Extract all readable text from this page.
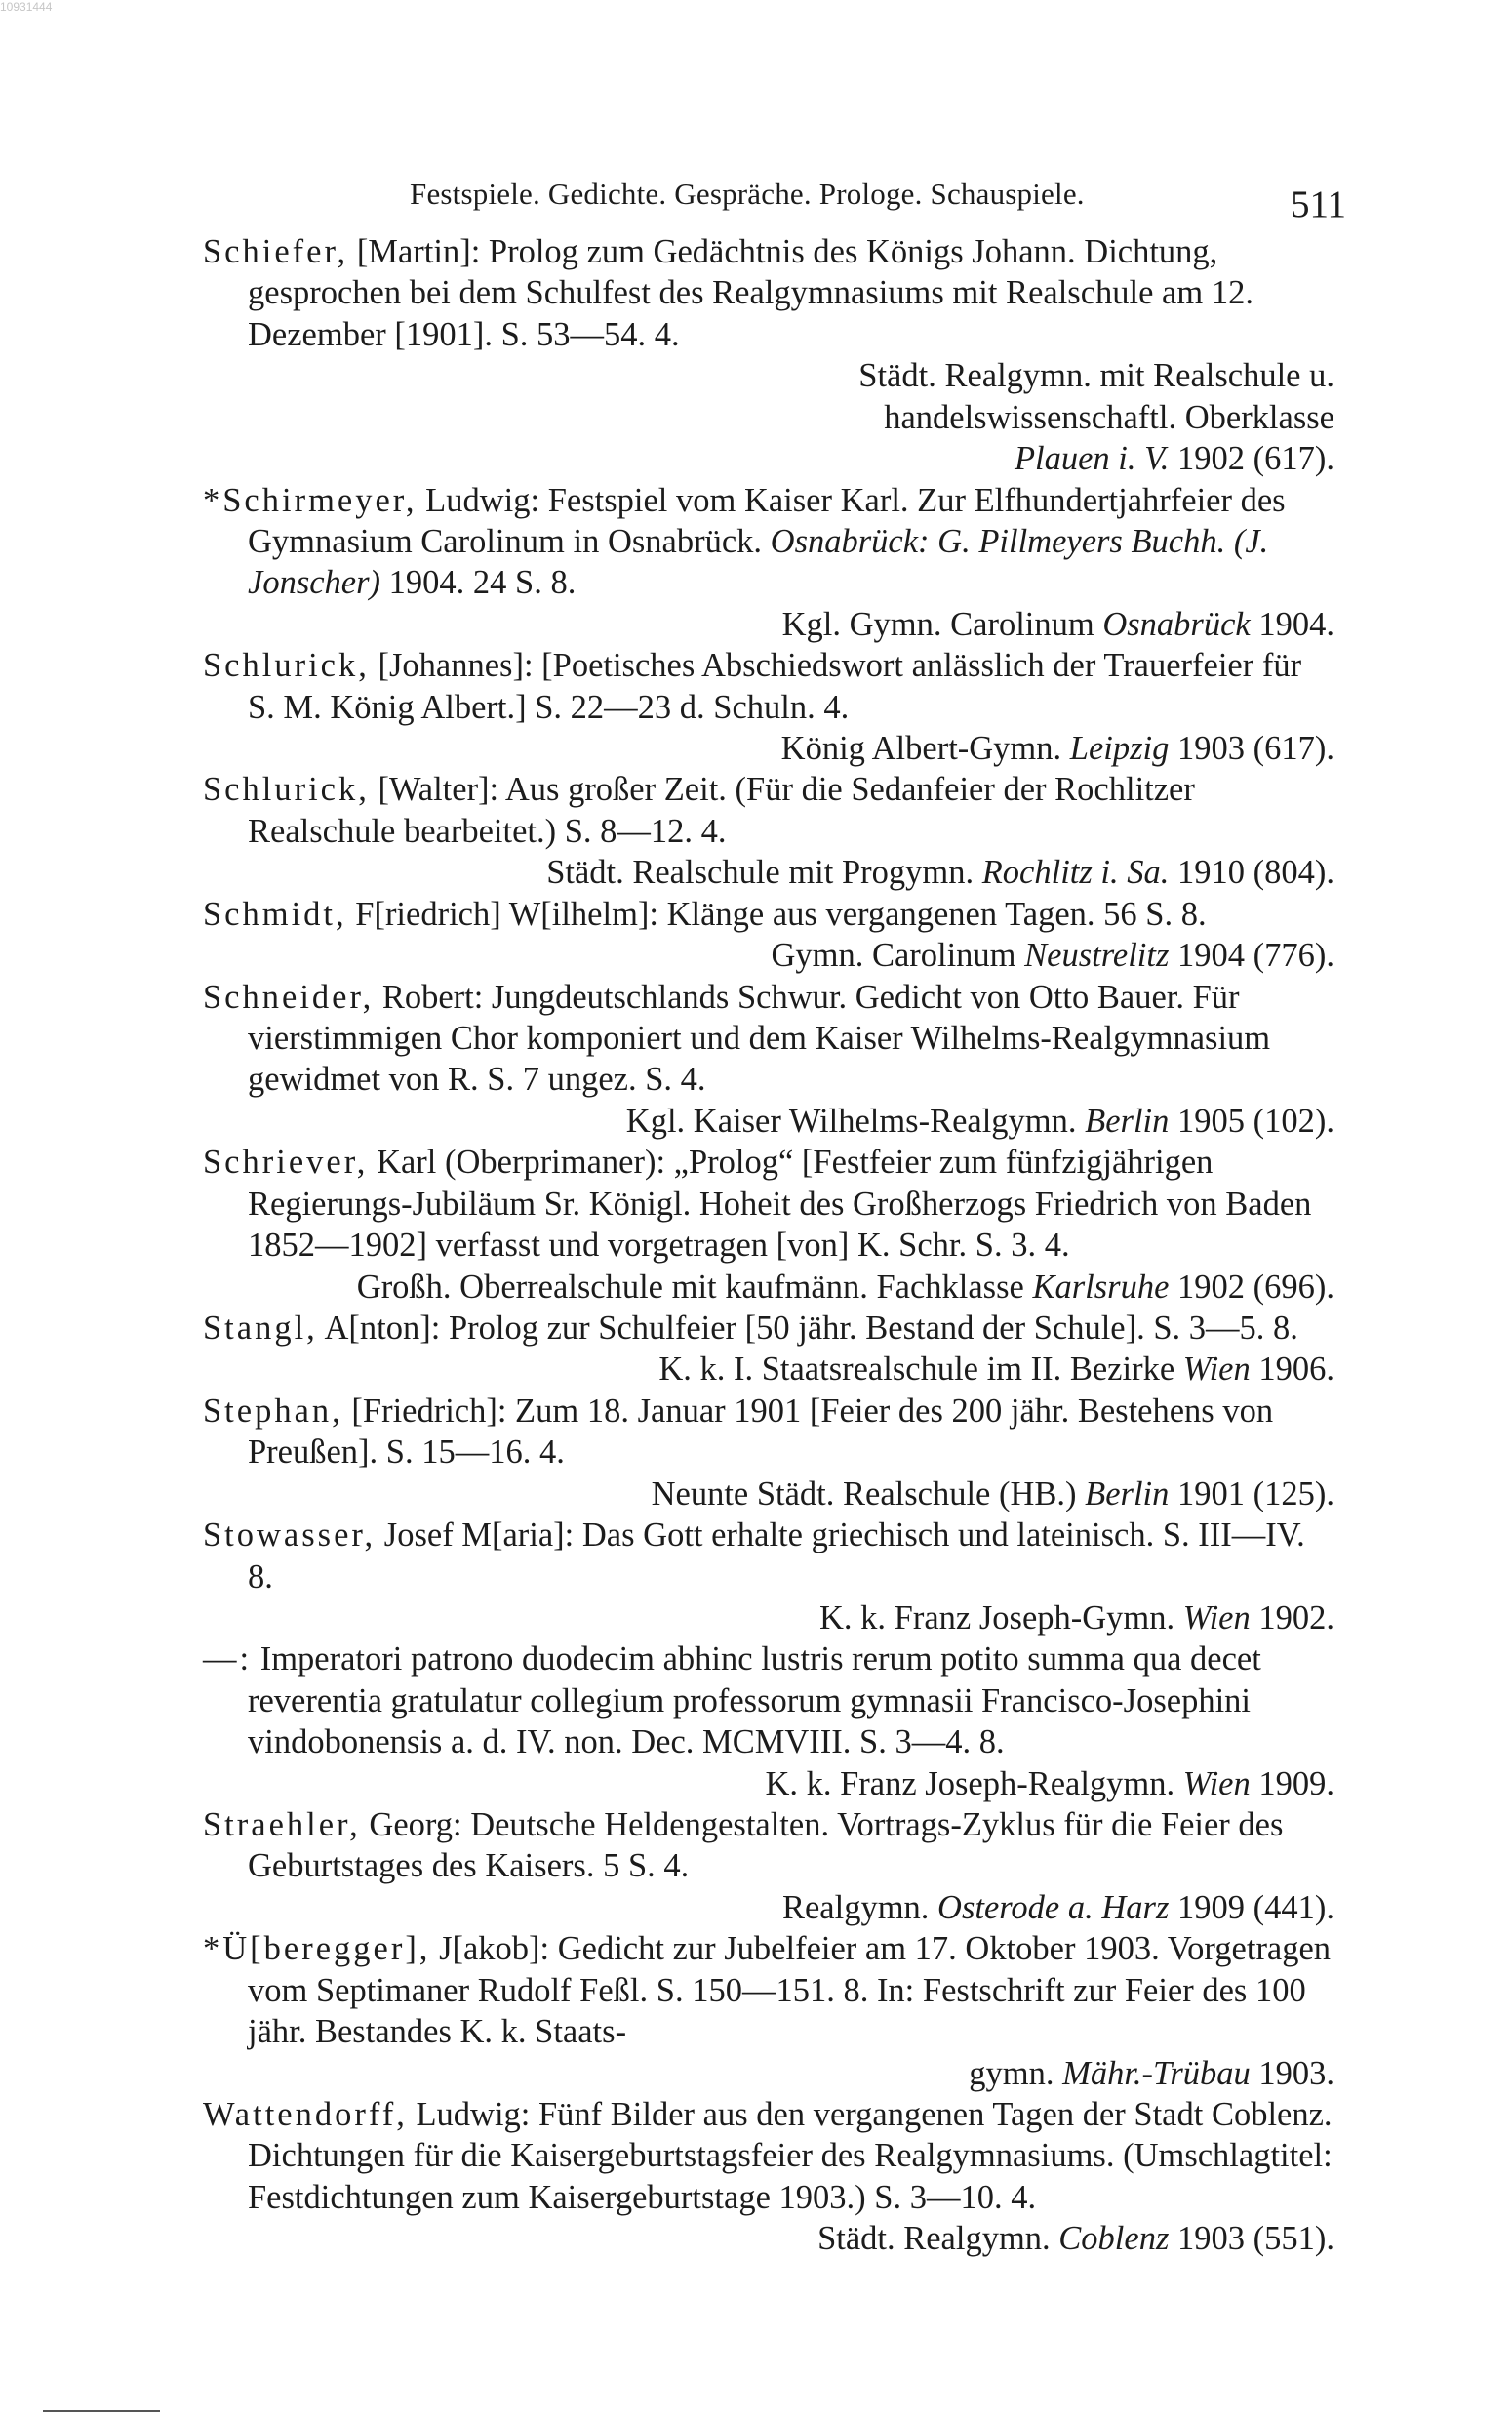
10931444
Festspiele. Gedichte. Gespräche. Prologe. Schauspiele.	511

Schiefer, [Martin]: Prolog zum Gedächtnis des Königs Johann. Dichtung, gesprochen bei dem Schulfest des Realgymnasiums mit Realschule am 12. Dezember [1901]. S. 53—54. 4.
Städt. Realgymn. mit Realschule u. handelswissenschaftl. Oberklasse Plauen i. V. 1902 (617).

*Schirmeyer, Ludwig: Festspiel vom Kaiser Karl. Zur Elfhundertjahrfeier des Gymnasium Carolinum in Osnabrück. Osnabrück: G. Pillmeyers Buchh. (J. Jonscher) 1904. 24 S. 8.
Kgl. Gymn. Carolinum Osnabrück 1904.

Schlurick, [Johannes]: [Poetisches Abschiedswort anlässlich der Trauerfeier für S. M. König Albert.] S. 22—23 d. Schuln. 4.
König Albert-Gymn. Leipzig 1903 (617).

Schlurick, [Walter]: Aus großer Zeit. (Für die Sedanfeier der Rochlitzer Realschule bearbeitet.) S. 8—12. 4.
Städt. Realschule mit Progymn. Rochlitz i. Sa. 1910 (804).

Schmidt, F[riedrich] W[ilhelm]: Klänge aus vergangenen Tagen. 56 S. 8.
Gymn. Carolinum Neustrelitz 1904 (776).

Schneider, Robert: Jungdeutschlands Schwur. Gedicht von Otto Bauer. Für vierstimmigen Chor komponiert und dem Kaiser Wilhelms-Realgymnasium gewidmet von R. S. 7 ungez. S. 4.
Kgl. Kaiser Wilhelms-Realgymn. Berlin 1905 (102).

Schriever, Karl (Oberprimaner): „Prolog“ [Festfeier zum fünfzigjährigen Regierungs-Jubiläum Sr. Königl. Hoheit des Großherzogs Friedrich von Baden 1852—1902] verfasst und vorgetragen [von] K. Schr. S. 3. 4.
Großh. Oberrealschule mit kaufmänn. Fachklasse Karlsruhe 1902 (696).

Stangl, A[nton]: Prolog zur Schulfeier [50 jähr. Bestand der Schule]. S. 3—5. 8.
K. k. I. Staatsrealschule im II. Bezirke Wien 1906.

Stephan, [Friedrich]: Zum 18. Januar 1901 [Feier des 200 jähr. Bestehens von Preußen]. S. 15—16. 4.
Neunte Städt. Realschule (HB.) Berlin 1901 (125).

Stowasser, Josef M[aria]: Das Gott erhalte griechisch und lateinisch. S. III—IV. 8.
K. k. Franz Joseph-Gymn. Wien 1902.

—: Imperatori patrono duodecim abhinc lustris rerum potito summa qua decet reverentia gratulatur collegium professorum gymnasii Francisco-Josephini vindobonensis a. d. IV. non. Dec. MCMVIII. S. 3—4. 8.
K. k. Franz Joseph-Realgymn. Wien 1909.

Straehler, Georg: Deutsche Heldengestalten. Vortrags-Zyklus für die Feier des Geburtstages des Kaisers. 5 S. 4.
Realgymn. Osterode a. Harz 1909 (441).

*Ü[beregger], J[akob]: Gedicht zur Jubelfeier am 17. Oktober 1903. Vorgetragen vom Septimaner Rudolf Feßl. S. 150—151. 8. In: Festschrift zur Feier des 100 jähr. Bestandes K. k. Staats-
gymn. Mähr.-Trübau 1903.

Wattendorff, Ludwig: Fünf Bilder aus den vergangenen Tagen der Stadt Coblenz. Dichtungen für die Kaisergeburtstagsfeier des Realgymnasiums. (Umschlagtitel: Festdichtungen zum Kaisergeburtstage 1903.) S. 3—10. 4.
Städt. Realgymn. Coblenz 1903 (551).
